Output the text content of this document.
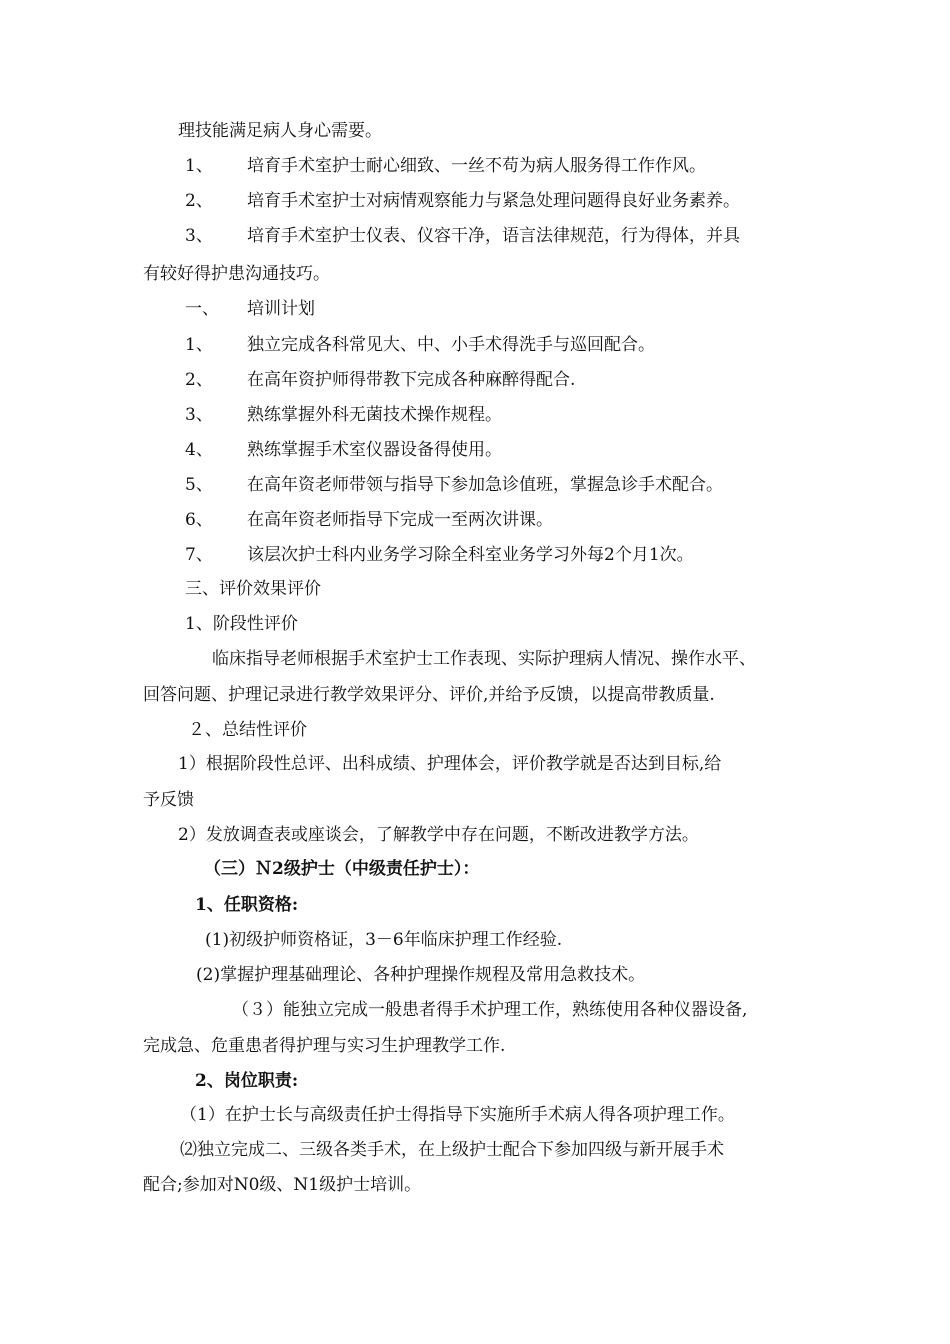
理技能满足病人身心需要。
1、 培育手术室护士耐心细致、一丝不苟为病人服务得工作作风。
2、 培育手术室护士对病情观察能力与紧急处理问题得良好业务素养。
3、 培育手术室护士仪表、仪容干净，语言法律规范，行为得体，并具
有较好得护患沟通技巧。
一、 培训计划
1、 独立完成各科常见大、中、小手术得洗手与巡回配合。
2、 在高年资护师得带教下完成各种麻醉得配合.
3、 熟练掌握外科无菌技术操作规程。
4、 熟练掌握手术室仪器设备得使用。
5、 在高年资老师带领与指导下参加急诊值班，掌握急诊手术配合。
6、 在高年资老师指导下完成一至两次讲课。
7、 该层次护士科内业务学习除全科室业务学习外每2个月1次。
三、评价效果评价
1、阶段性评价
临床指导老师根据手术室护士工作表现、实际护理病人情况、操作水平、
回答问题、护理记录进行教学效果评分、评价,并给予反馈，以提高带教质量.
２、总结性评价
1）根据阶段性总评、出科成绩、护理体会，评价教学就是否达到目标,给
予反馈
2）发放调查表或座谈会，了解教学中存在问题，不断改进教学方法。
（三）Ｎ2级护士（中级责任护士）：
1、任职资格:
(1)初级护师资格证，3－6年临床护理工作经验.
(2)掌握护理基础理论、各种护理操作规程及常用急救技术。
（３）能独立完成一般患者得手术护理工作，熟练使用各种仪器设备,
完成急、危重患者得护理与实习生护理教学工作.
2、岗位职责:
（1）在护士长与高级责任护士得指导下实施所手术病人得各项护理工作。
⑵独立完成二、三级各类手术，在上级护士配合下参加四级与新开展手术
配合;参加对N0级、N1级护士培训。
